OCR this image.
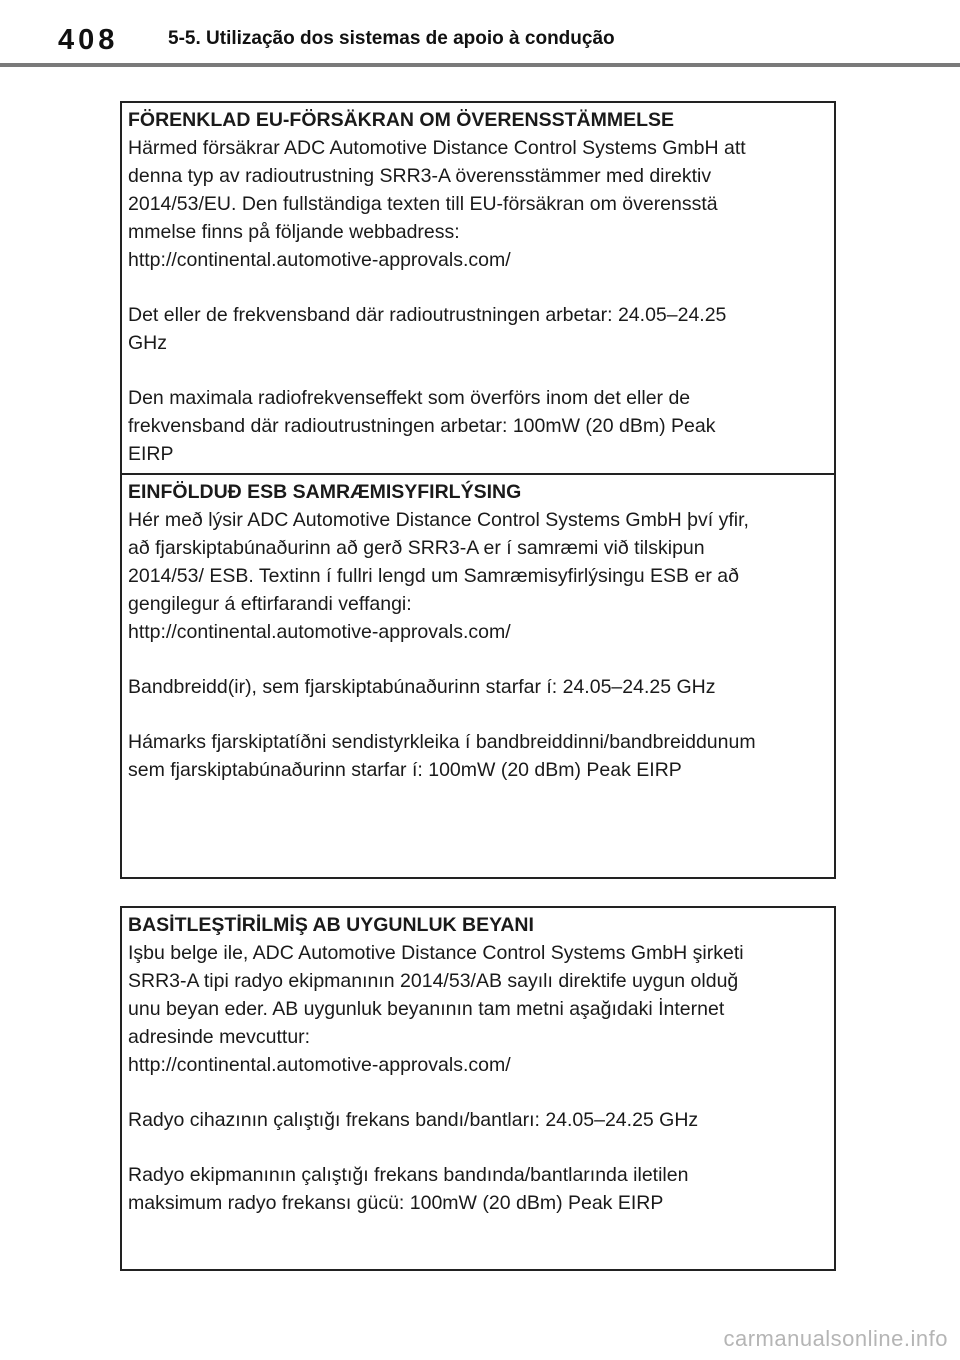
408	5-5. Utilização dos sistemas de apoio à condução

FÖRENKLAD EU-FÖRSÄKRAN OM ÖVERENSSTÄMMELSE

Härmed försäkrar ADC Automotive Distance Control Systems GmbH att
denna typ av radioutrustning SRR3-A överensstämmer med direktiv
2014/53/EU. Den fullständiga texten till EU-försäkran om överensstä
mmelse finns på följande webbadress:
http://continental.automotive-approvals.com/

Det eller de frekvensband där radioutrustningen arbetar: 24.05–24.25
GHz

Den maximala radiofrekvenseffekt som överförs inom det eller de
frekvensband där radioutrustningen arbetar: 100mW (20 dBm) Peak
EIRP

EINFÖLDUÐ ESB SAMRÆMISYFIRLÝSING

Hér með lýsir ADC Automotive Distance Control Systems GmbH því yfir,
að fjarskiptabúnaðurinn að gerð SRR3-A er í samræmi við tilskipun
2014/53/ ESB. Textinn í fullri lengd um Samræmisyfirlýsingu ESB er að
gengilegur á eftirfarandi veffangi:
http://continental.automotive-approvals.com/

Bandbreidd(ir), sem fjarskiptabúnaðurinn starfar í: 24.05–24.25 GHz

Hámarks fjarskiptatíðni sendistyrkleika í bandbreiddinni/bandbreiddunum
sem fjarskiptabúnaðurinn starfar í: 100mW (20 dBm) Peak EIRP

BASİTLEŞTİRİLMİŞ AB UYGUNLUK BEYANI

Işbu belge ile, ADC Automotive Distance Control Systems GmbH şirketi
SRR3-A tipi radyo ekipmanının 2014/53/AB sayılı direktife uygun olduğ
unu beyan eder. AB uygunluk beyanının tam metni aşağıdaki İnternet
adresinde mevcuttur:
http://continental.automotive-approvals.com/

Radyo cihazının çalıştığı frekans bandı/bantları: 24.05–24.25 GHz

Radyo ekipmanının çalıştığı frekans bandında/bantlarında iletilen
maksimum radyo frekansı gücü: 100mW (20 dBm) Peak EIRP

carmanualsonline.info
